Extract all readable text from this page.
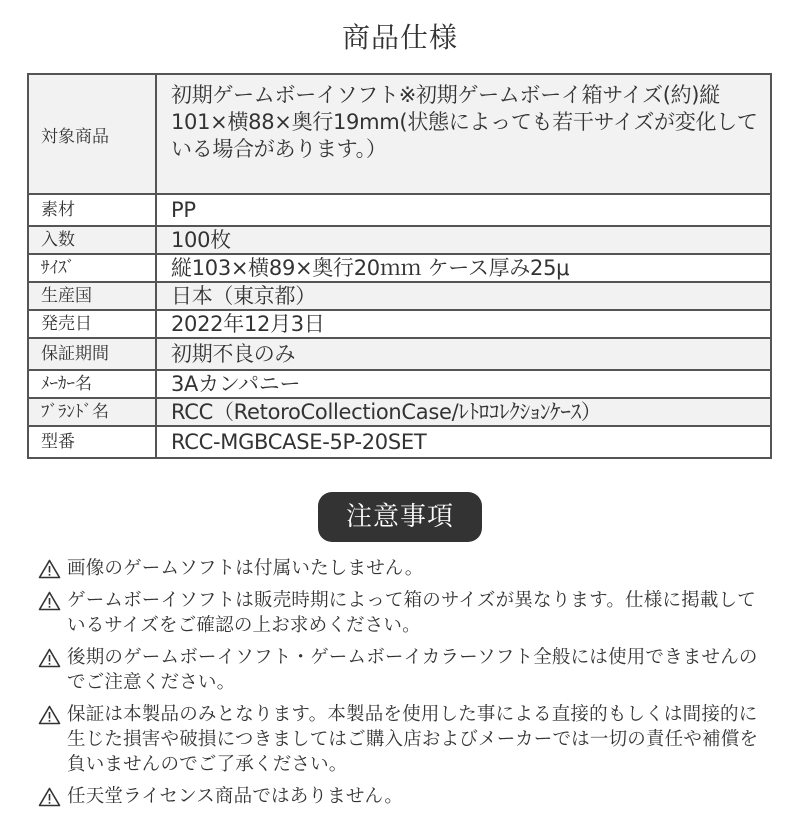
商品仕様
対象商品	初期ゲームボーイソフト※初期ゲームボーイ箱サイズ(約)縦101×横88×奥行19mm(状態によっても若干サイズが変化している場合があります。）

素材	PP
入数	100枚
ｻｲｽﾞ	縦103×横89×奥行20ｍｍ ケース厚み25μ
生産国	日本（東京都）
発売日	2022年12月3日
保証期間	初期不良のみ
ﾒｰｶｰ名	3Aカンパニー
ﾌﾞﾗﾝﾄﾞ名	RCC（RetoroCollectionCase/ﾚﾄﾛｺﾚｸｼｮﾝｹｰｽ）
型番	RCC-MGBCASE-5P-20SET
注意事項
画像のゲームソフトは付属いたしません。
ゲームボーイソフトは販売時期によって箱のサイズが異なります。仕様に掲載しているサイズをご確認の上お求めください。
後期のゲームボーイソフト・ゲームボーイカラーソフト全般には使用できませんのでご注意ください。
保証は本製品のみとなります。本製品を使用した事による直接的もしくは間接的に生じた損害や破損につきましてはご購入店およびメーカーでは一切の責任や補償を負いませんのでご了承ください。
任天堂ライセンス商品ではありません。
